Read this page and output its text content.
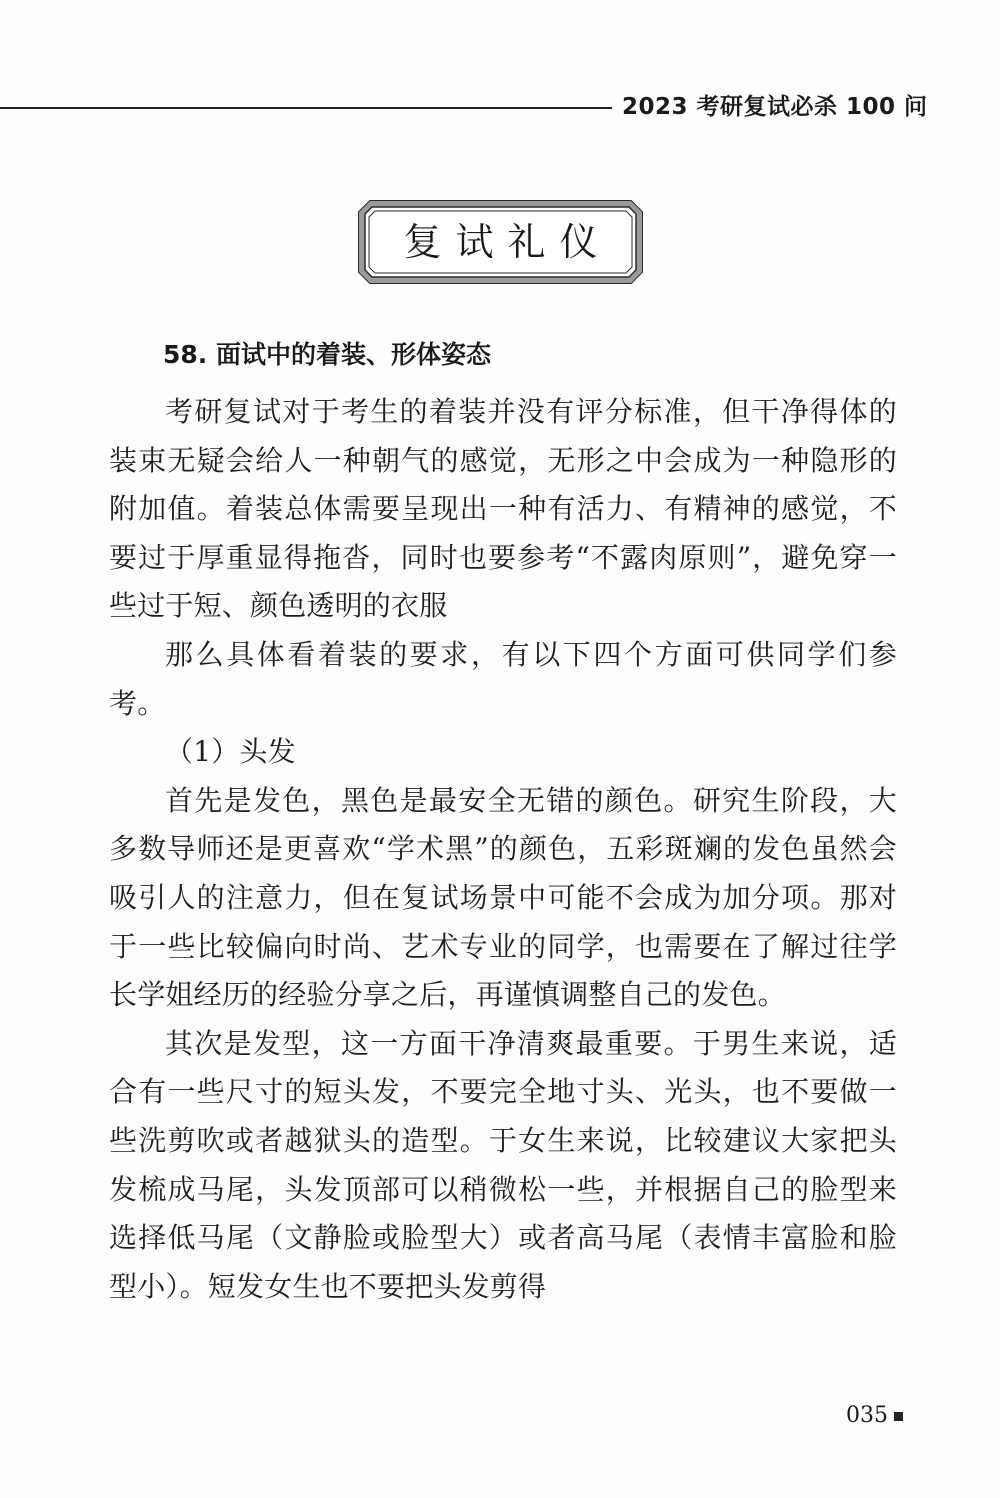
2023 考研复试必杀 100 问
复试礼仪
58. 面试中的着装、形体姿态

考研复试对于考生的着装并没有评分标准，但干净得体的装束无疑会给人一种朝气的感觉，无形之中会成为一种隐形的附加值。着装总体需要呈现出一种有活力、有精神的感觉，不要过于厚重显得拖沓，同时也要参考“不露肉原则”，避免穿一些过于短、颜色透明的衣服

那么具体看着装的要求，有以下四个方面可供同学们参考。

（1）头发

首先是发色，黑色是最安全无错的颜色。研究生阶段，大多数导师还是更喜欢“学术黑”的颜色，五彩斑斓的发色虽然会吸引人的注意力，但在复试场景中可能不会成为加分项。那对于一些比较偏向时尚、艺术专业的同学，也需要在了解过往学长学姐经历的经验分享之后，再谨慎调整自己的发色。

其次是发型，这一方面干净清爽最重要。于男生来说，适合有一些尺寸的短头发，不要完全地寸头、光头，也不要做一些洗剪吹或者越狱头的造型。于女生来说，比较建议大家把头发梳成马尾，头发顶部可以稍微松一些，并根据自己的脸型来选择低马尾（文静脸或脸型大）或者高马尾（表情丰富脸和脸型小）。短发女生也不要把头发剪得

035
